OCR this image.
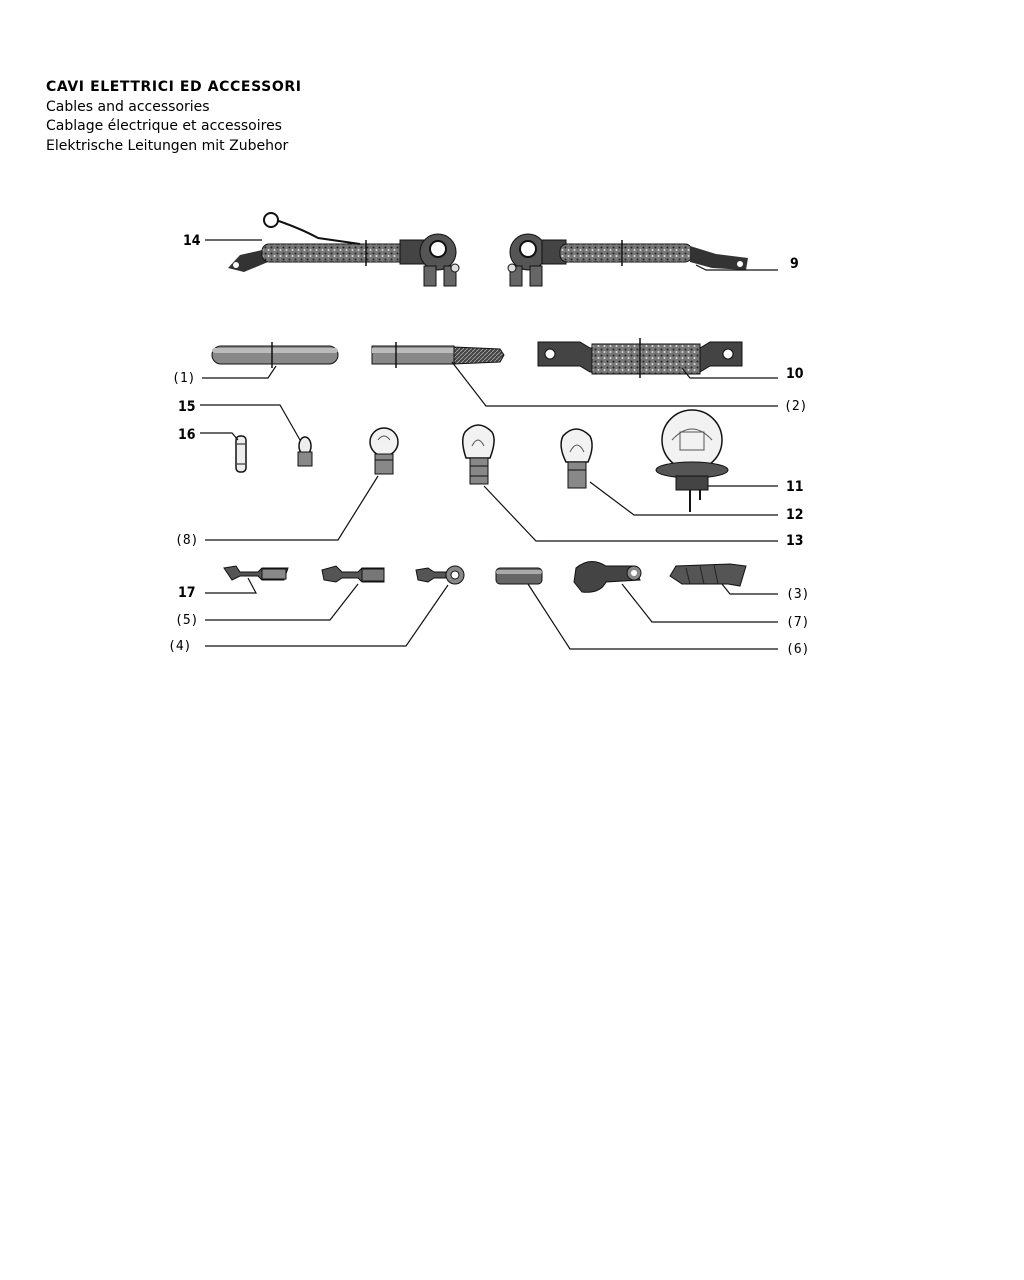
CAVI ELETTRICI ED ACCESSORI
Cables and accessories
Cablage électrique et accessoires
Elektrische Leitungen mit Zubehor
14
9
(1)	10
(2)
15
16
11
12
(8)	13
17	(3)
(5)	(7)
(4)	(6)
